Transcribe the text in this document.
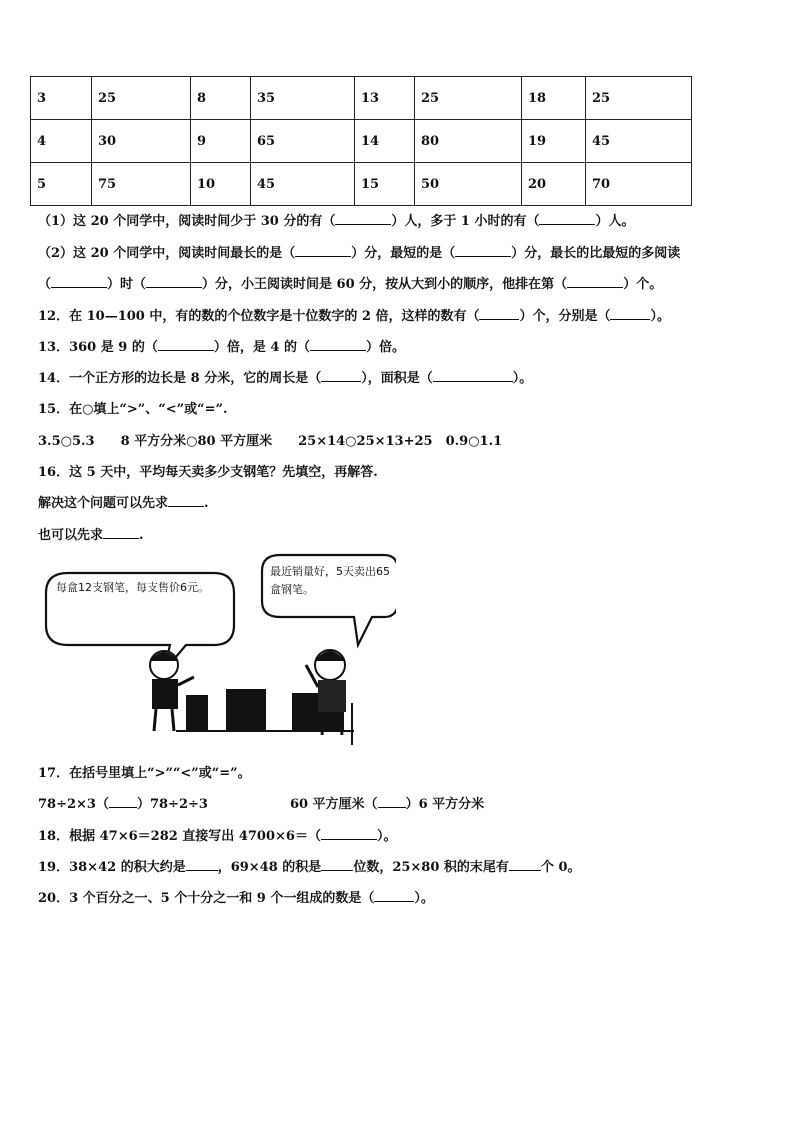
3	25	8	35	13	25	18	25
4	30	9	65	14	80	19	45
5	75	10	45	15	50	20	70
（1）这 20 个同学中，阅读时间少于 30 分的有（	）人，多于 1 小时的有（	）人。
（2）这 20 个同学中，阅读时间最长的是（	）分，最短的是（	）分，最长的比最短的多阅读
（	）时（	）分，小王阅读时间是 60 分，按从大到小的顺序，他排在第（	）个。
12．在 10—100 中，有的数的个位数字是十位数字的 2 倍，这样的数有（	）个，分别是（	）。
13．360 是 9 的（	）倍，是 4 的（	）倍。
14．一个正方形的边长是 8 分米，它的周长是（	），面积是（	）。
15．在○填上“>”、“<”或“=”.
3.5○5.3　　8 平方分米○80 平方厘米　　25×14○25×13+25　0.9○1.1
16．这 5 天中，平均每天卖多少支钢笔？先填空，再解答.
解决这个问题可以先求	.
也可以先求	.
每盒12支钢笔，每支售价6元。
最近销量好，5天卖出65盒钢笔。
17．在括号里填上“>”“<”或“=”。
78÷2×3（ ）78÷2÷3	60 平方厘米（ ）6 平方分米
18．根据 47×6＝282 直接写出 4700×6＝（	）。
19．38×42 的积大约是 ，69×48 的积是 位数，25×80 积的末尾有 个 0。
20．3 个百分之一、5 个十分之一和 9 个一组成的数是（	）。
